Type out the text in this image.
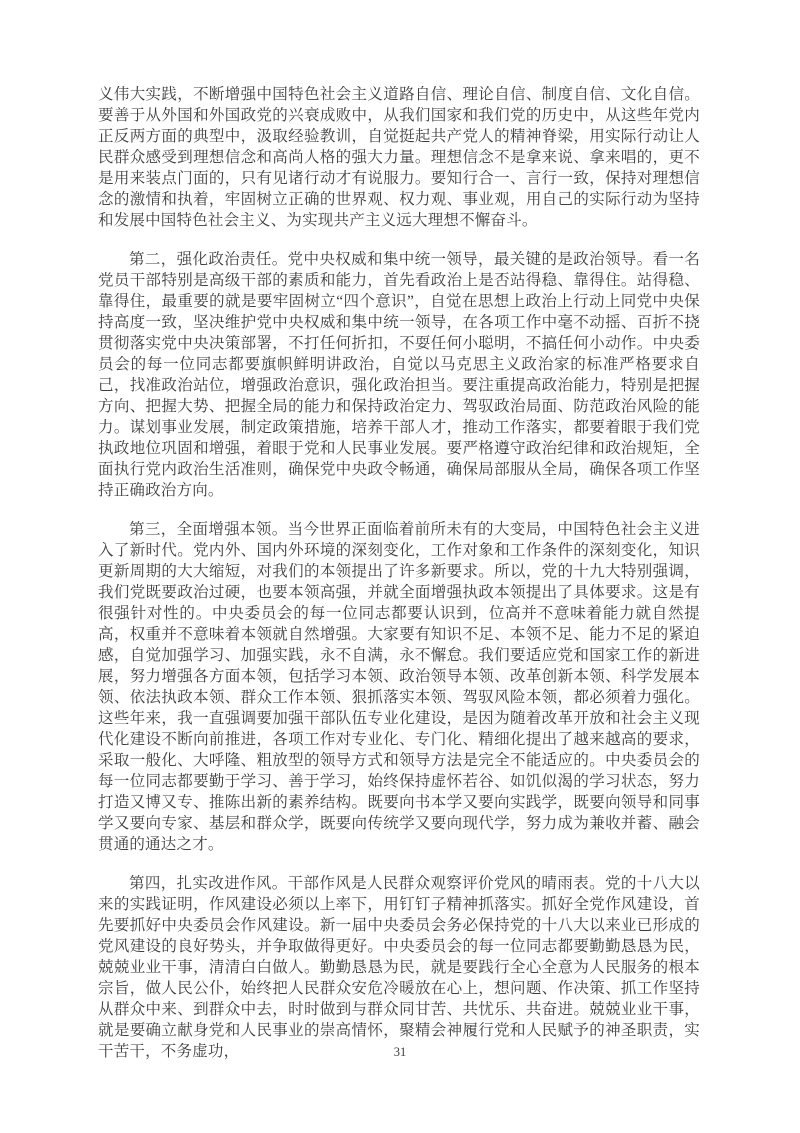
义伟大实践，不断增强中国特色社会主义道路自信、理论自信、制度自信、文化自信。要善于从外国和外国政党的兴衰成败中，从我们国家和我们党的历史中，从这些年党内正反两方面的典型中，汲取经验教训，自觉挺起共产党人的精神脊梁，用实际行动让人民群众感受到理想信念和高尚人格的强大力量。理想信念不是拿来说、拿来唱的，更不是用来装点门面的，只有见诸行动才有说服力。要知行合一、言行一致，保持对理想信念的激情和执着，牢固树立正确的世界观、权力观、事业观，用自己的实际行动为坚持和发展中国特色社会主义、为实现共产主义远大理想不懈奋斗。

第二，强化政治责任。党中央权威和集中统一领导，最关键的是政治领导。看一名党员干部特别是高级干部的素质和能力，首先看政治上是否站得稳、靠得住。站得稳、靠得住，最重要的就是要牢固树立“四个意识”，自觉在思想上政治上行动上同党中央保持高度一致，坚决维护党中央权威和集中统一领导，在各项工作中毫不动摇、百折不挠贯彻落实党中央决策部署，不打任何折扣，不耍任何小聪明，不搞任何小动作。中央委员会的每一位同志都要旗帜鲜明讲政治，自觉以马克思主义政治家的标准严格要求自己，找准政治站位，增强政治意识，强化政治担当。要注重提高政治能力，特别是把握方向、把握大势、把握全局的能力和保持政治定力、驾驭政治局面、防范政治风险的能力。谋划事业发展，制定政策措施，培养干部人才，推动工作落实，都要着眼于我们党执政地位巩固和增强，着眼于党和人民事业发展。要严格遵守政治纪律和政治规矩，全面执行党内政治生活准则，确保党中央政令畅通，确保局部服从全局，确保各项工作坚持正确政治方向。

第三，全面增强本领。当今世界正面临着前所未有的大变局，中国特色社会主义进入了新时代。党内外、国内外环境的深刻变化，工作对象和工作条件的深刻变化，知识更新周期的大大缩短，对我们的本领提出了许多新要求。所以，党的十九大特别强调，我们党既要政治过硬，也要本领高强，并就全面增强执政本领提出了具体要求。这是有很强针对性的。中央委员会的每一位同志都要认识到，位高并不意味着能力就自然提高，权重并不意味着本领就自然增强。大家要有知识不足、本领不足、能力不足的紧迫感，自觉加强学习、加强实践，永不自满，永不懈怠。我们要适应党和国家工作的新进展，努力增强各方面本领，包括学习本领、政治领导本领、改革创新本领、科学发展本领、依法执政本领、群众工作本领、狠抓落实本领、驾驭风险本领，都必须着力强化。这些年来，我一直强调要加强干部队伍专业化建设，是因为随着改革开放和社会主义现代化建设不断向前推进，各项工作对专业化、专门化、精细化提出了越来越高的要求，采取一般化、大呼隆、粗放型的领导方式和领导方法是完全不能适应的。中央委员会的每一位同志都要勤于学习、善于学习，始终保持虚怀若谷、如饥似渴的学习状态，努力打造又博又专、推陈出新的素养结构。既要向书本学又要向实践学，既要向领导和同事学又要向专家、基层和群众学，既要向传统学又要向现代学，努力成为兼收并蓄、融会贯通的通达之才。

第四，扎实改进作风。干部作风是人民群众观察评价党风的晴雨表。党的十八大以来的实践证明，作风建设必须以上率下，用钉钉子精神抓落实。抓好全党作风建设，首先要抓好中央委员会作风建设。新一届中央委员会务必保持党的十八大以来业已形成的党风建设的良好势头，并争取做得更好。中央委员会的每一位同志都要勤勤恳恳为民，兢兢业业干事，清清白白做人。勤勤恳恳为民，就是要践行全心全意为人民服务的根本宗旨，做人民公仆，始终把人民群众安危冷暖放在心上，想问题、作决策、抓工作坚持从群众中来、到群众中去，时时做到与群众同甘苦、共忧乐、共奋进。兢兢业业干事，就是要确立献身党和人民事业的崇高情怀，聚精会神履行党和人民赋予的神圣职责，实干苦干，不务虚功，	31
